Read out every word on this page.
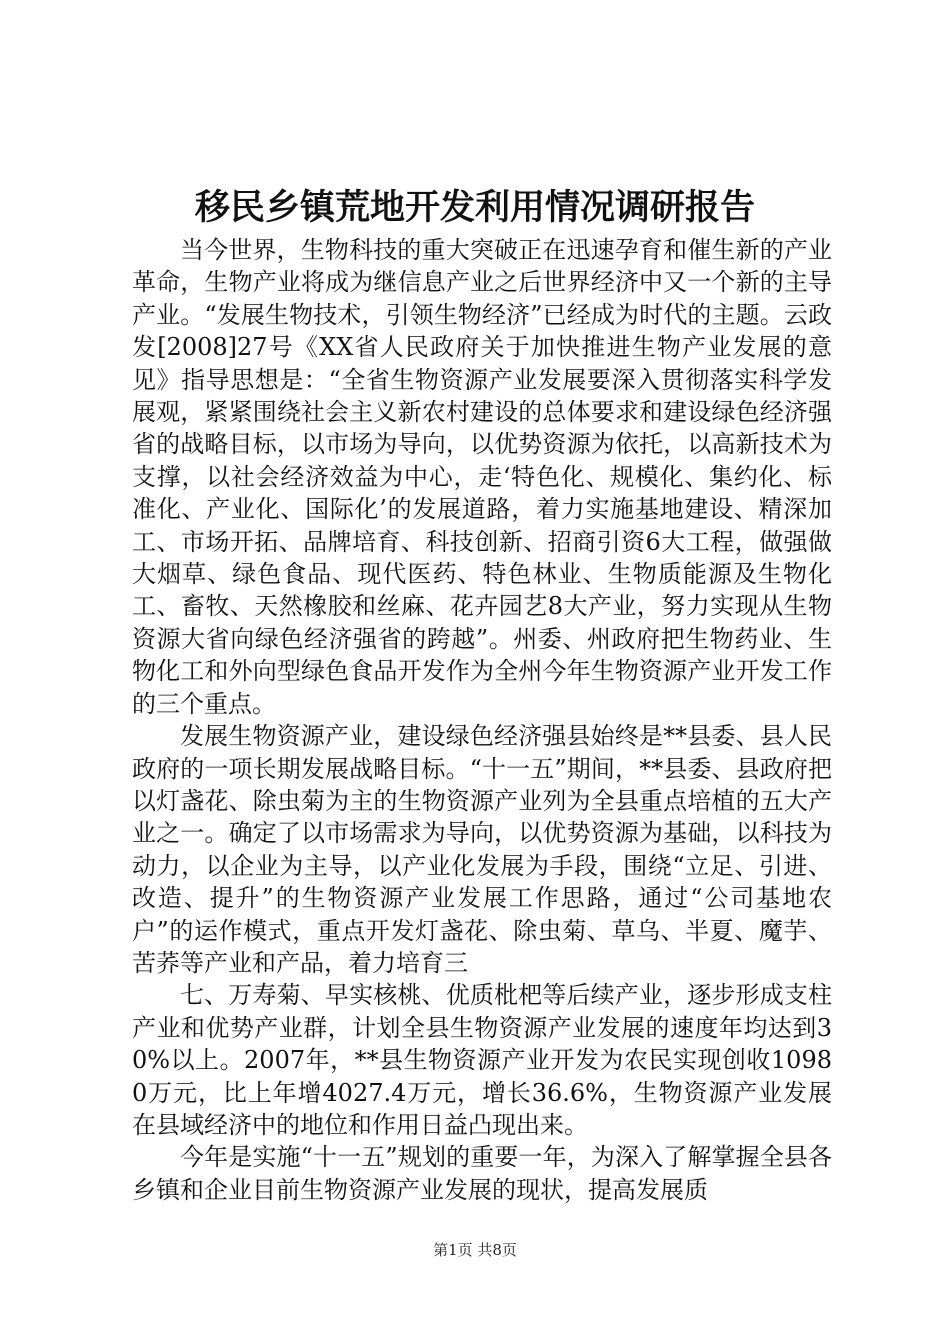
移民乡镇荒地开发利用情况调研报告

当今世界，生物科技的重大突破正在迅速孕育和催生新的产业革命，生物产业将成为继信息产业之后世界经济中又一个新的主导产业。“发展生物技术，引领生物经济”已经成为时代的主题。云政发[2008]27号《XX省人民政府关于加快推进生物产业发展的意见》指导思想是：“全省生物资源产业发展要深入贯彻落实科学发展观，紧紧围绕社会主义新农村建设的总体要求和建设绿色经济强省的战略目标，以市场为导向，以优势资源为依托，以高新技术为支撑，以社会经济效益为中心，走‘特色化、规模化、集约化、标准化、产业化、国际化’的发展道路，着力实施基地建设、精深加工、市场开拓、品牌培育、科技创新、招商引资6大工程，做强做大烟草、绿色食品、现代医药、特色林业、生物质能源及生物化工、畜牧、天然橡胶和丝麻、花卉园艺8大产业，努力实现从生物资源大省向绿色经济强省的跨越”。州委、州政府把生物药业、生物化工和外向型绿色食品开发作为全州今年生物资源产业开发工作的三个重点。

发展生物资源产业，建设绿色经济强县始终是**县委、县人民政府的一项长期发展战略目标。“十一五”期间，**县委、县政府把以灯盏花、除虫菊为主的生物资源产业列为全县重点培植的五大产业之一。确定了以市场需求为导向，以优势资源为基础，以科技为动力，以企业为主导，以产业化发展为手段，围绕“立足、引进、改造、提升”的生物资源产业发展工作思路，通过“公司基地农户”的运作模式，重点开发灯盏花、除虫菊、草乌、半夏、魔芋、苦荞等产业和产品，着力培育三

七、万寿菊、早实核桃、优质枇杷等后续产业，逐步形成支柱产业和优势产业群，计划全县生物资源产业发展的速度年均达到30%以上。2007年，**县生物资源产业开发为农民实现创收10980万元，比上年增4027.4万元，增长36.6%，生物资源产业发展在县域经济中的地位和作用日益凸现出来。

今年是实施“十一五”规划的重要一年，为深入了解掌握全县各乡镇和企业目前生物资源产业发展的现状，提高发展质

第1页 共8页
